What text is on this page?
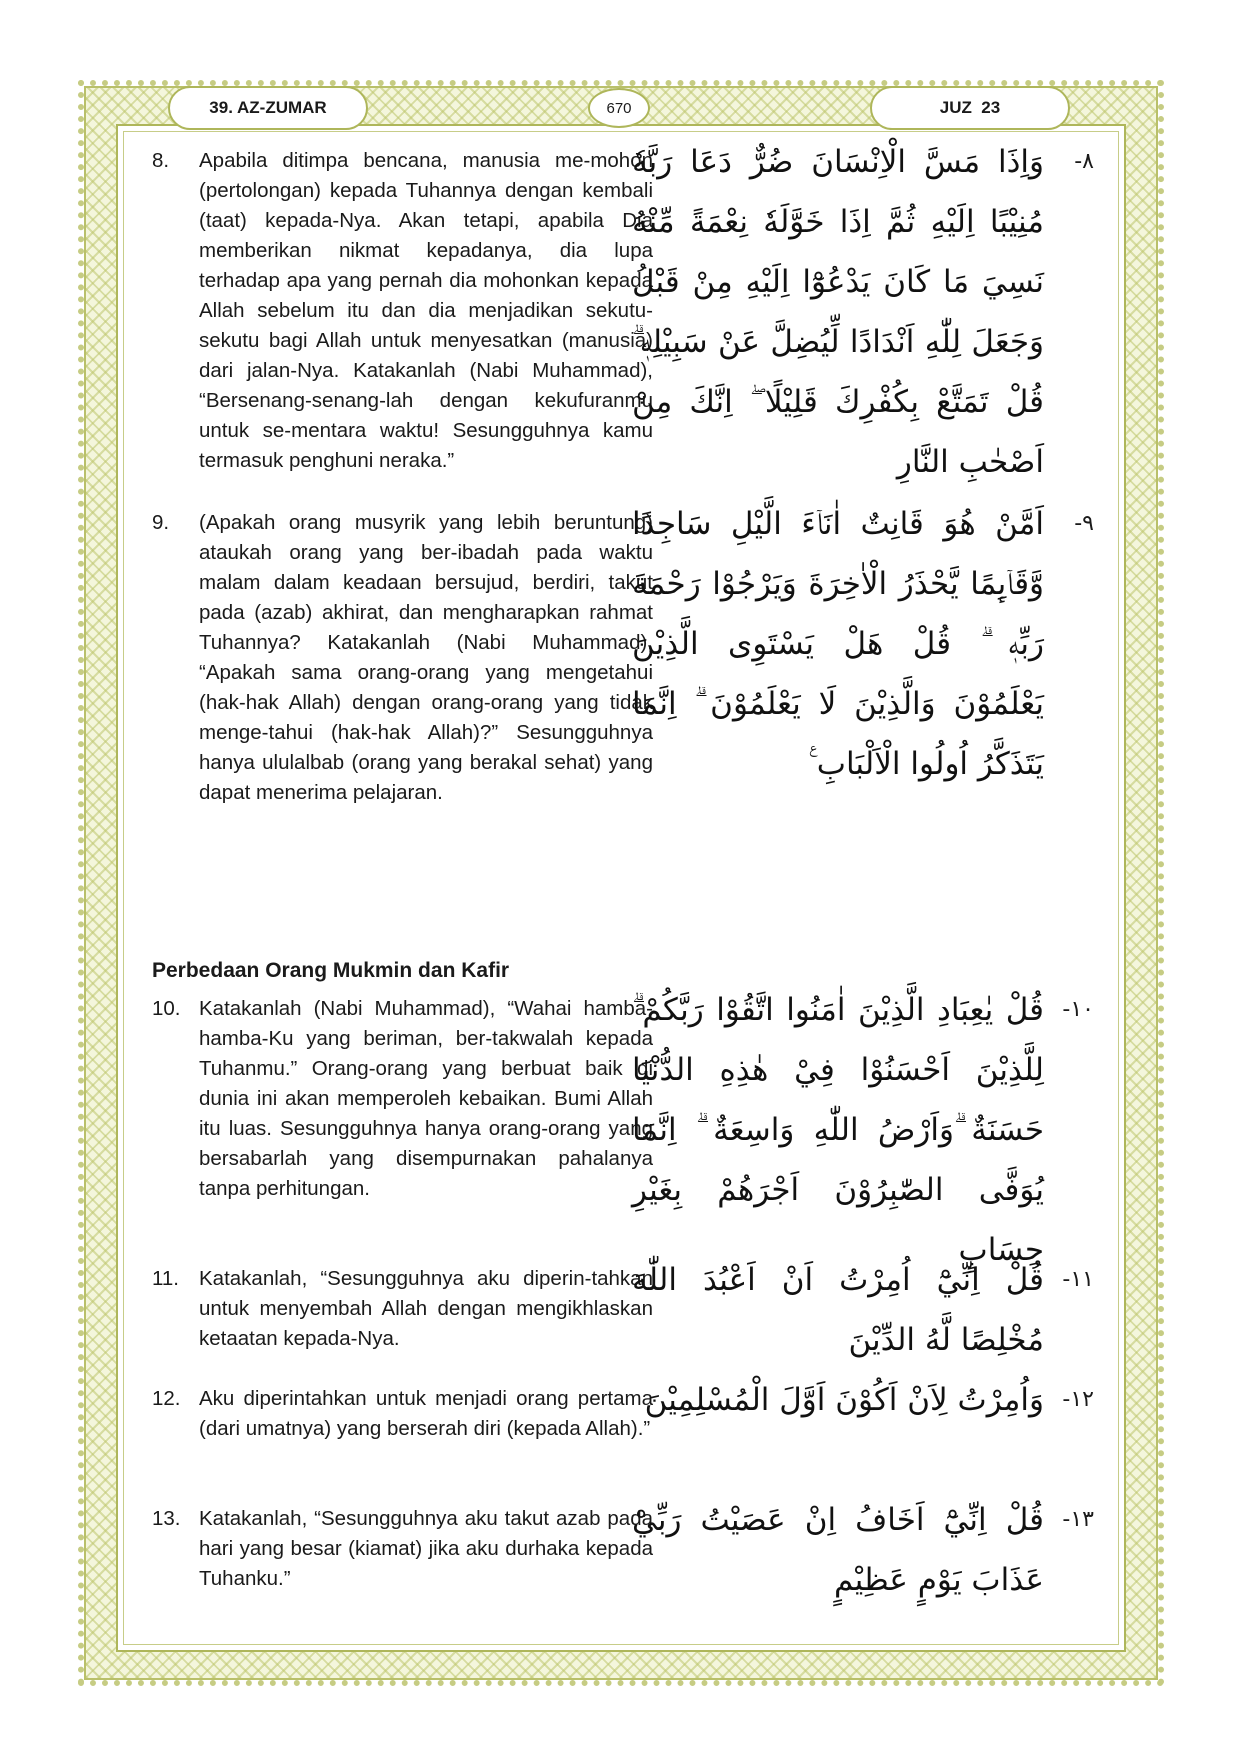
39. AZ-ZUMAR	670	JUZ  23
8.	Apabila ditimpa bencana, manusia me-mohon (pertolongan) kepada Tuhannya dengan kembali (taat) kepada-Nya. Akan tetapi, apabila Dia memberikan nikmat kepadanya, dia lupa terhadap apa yang pernah dia mohonkan kepada Allah sebelum itu dan dia menjadikan sekutu-sekutu bagi Allah untuk menyesatkan (manusia) dari jalan-Nya. Katakanlah (Nabi Muhammad), “Bersenang-senang-lah dengan kekufuranmu untuk se-mentara waktu! Sesungguhnya kamu termasuk penghuni neraka.”
٨-
وَاِذَا مَسَّ الْاِنْسَانَ ضُرٌّ دَعَا رَبَّهٗ مُنِيْبًا اِلَيْهِ ثُمَّ اِذَا خَوَّلَهٗ نِعْمَةً مِّنْهُ نَسِيَ مَا كَانَ يَدْعُوْٓا اِلَيْهِ مِنْ قَبْلُ وَجَعَلَ لِلّٰهِ اَنْدَادًا لِّيُضِلَّ عَنْ سَبِيْلِهٖ ۗ قُلْ تَمَتَّعْ بِكُفْرِكَ قَلِيْلًا ۖ اِنَّكَ مِنْ اَصْحٰبِ النَّارِ
9.	(Apakah orang musyrik yang lebih beruntung) ataukah orang yang ber-ibadah pada waktu malam dalam keadaan bersujud, berdiri, takut pada (azab) akhirat, dan mengharapkan rahmat Tuhannya? Katakanlah (Nabi Muhammad), “Apakah sama orang-orang yang mengetahui (hak-hak Allah) dengan orang-orang yang tidak menge-tahui (hak-hak Allah)?” Sesungguhnya hanya ululalbab (orang yang berakal sehat) yang dapat menerima pelajaran.
٩-
اَمَّنْ هُوَ قَانِتٌ اٰنَاۤءَ الَّيْلِ سَاجِدًا وَّقَاۤىِٕمًا يَّحْذَرُ الْاٰخِرَةَ وَيَرْجُوْا رَحْمَةَ رَبِّهٖ ۗ قُلْ هَلْ يَسْتَوِى الَّذِيْنَ يَعْلَمُوْنَ وَالَّذِيْنَ لَا يَعْلَمُوْنَ ۗ اِنَّمَا يَتَذَكَّرُ اُولُوا الْاَلْبَابِ ࣖ
Perbedaan Orang Mukmin dan Kafir
10. Katakanlah (Nabi Muhammad), “Wahai hamba-hamba-Ku yang beriman, ber-takwalah kepada Tuhanmu.” Orang-orang yang berbuat baik di dunia ini akan memperoleh kebaikan. Bumi Allah itu luas. Sesungguhnya hanya orang-orang yang bersabarlah yang disempurnakan pahalanya tanpa perhitungan.
١٠-
قُلْ يٰعِبَادِ الَّذِيْنَ اٰمَنُوا اتَّقُوْا رَبَّكُمْ ۗ لِلَّذِيْنَ اَحْسَنُوْا فِيْ هٰذِهِ الدُّنْيَا حَسَنَةٌ ۗوَاَرْضُ اللّٰهِ وَاسِعَةٌ ۗ اِنَّمَا يُوَفَّى الصّٰبِرُوْنَ اَجْرَهُمْ بِغَيْرِ حِسَابٍ
11. Katakanlah, “Sesungguhnya aku diperin-tahkan untuk menyembah Allah dengan mengikhlaskan ketaatan kepada-Nya.
١١-
قُلْ اِنِّيْٓ اُمِرْتُ اَنْ اَعْبُدَ اللّٰهَ مُخْلِصًا لَّهُ الدِّيْنَ
12. Aku diperintahkan untuk menjadi orang pertama (dari umatnya) yang berserah diri (kepada Allah).”
١٢-
وَاُمِرْتُ لِاَنْ اَكُوْنَ اَوَّلَ الْمُسْلِمِيْنَ
13. Katakanlah, “Sesungguhnya aku takut azab pada hari yang besar (kiamat) jika aku durhaka kepada Tuhanku.”
١٣-
قُلْ اِنِّيْٓ اَخَافُ اِنْ عَصَيْتُ رَبِّيْ عَذَابَ يَوْمٍ عَظِيْمٍ
